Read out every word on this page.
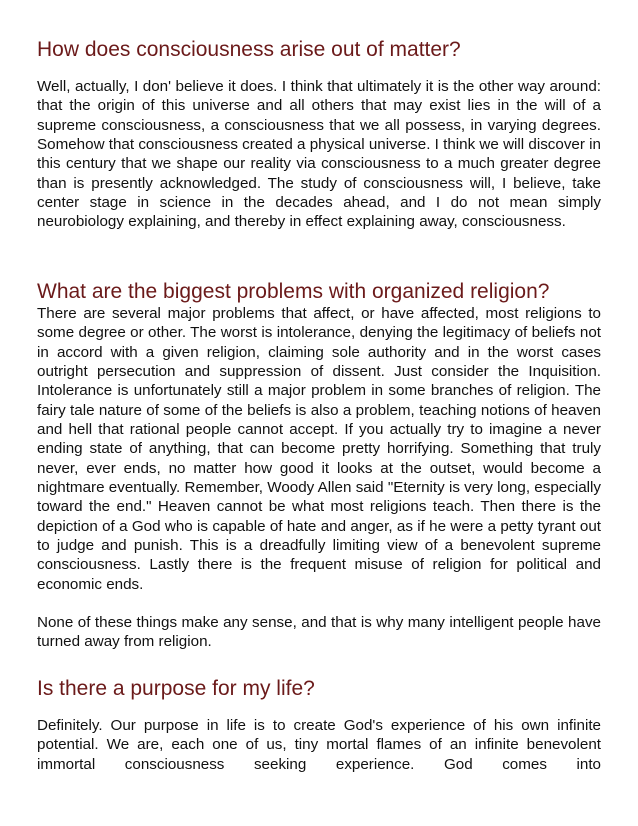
How does consciousness arise out of matter?

Well, actually, I don' believe it does. I think that ultimately it is the other way around: that the origin of this universe and all others that may exist lies in the will of a supreme consciousness, a consciousness that we all possess, in varying degrees. Somehow that consciousness created a physical universe. I think we will discover in this century that we shape our reality via consciousness to a much greater degree than is presently acknowledged. The study of consciousness will, I believe, take center stage in science in the decades ahead, and I do not mean simply neurobiology explaining, and thereby in effect explaining away, consciousness.

What are the biggest problems with organized religion?

There are several major problems that affect, or have affected, most religions to some degree or other. The worst is intolerance, denying the legitimacy of beliefs not in accord with a given religion, claiming sole authority and in the worst cases outright persecution and suppression of dissent. Just consider the Inquisition. Intolerance is unfortunately still a major problem in some branches of religion. The fairy tale nature of some of the beliefs is also a problem, teaching notions of heaven and hell that rational people cannot accept. If you actually try to imagine a never ending state of anything, that can become pretty horrifying. Something that truly never, ever ends, no matter how good it looks at the outset, would become a nightmare eventually. Remember, Woody Allen said "Eternity is very long, especially toward the end." Heaven cannot be what most religions teach. Then there is the depiction of a God who is capable of hate and anger, as if he were a petty tyrant out to judge and punish. This is a dreadfully limiting view of a benevolent supreme consciousness. Lastly there is the frequent misuse of religion for political and economic ends.

None of these things make any sense, and that is why many intelligent people have turned away from religion.

Is there a purpose for my life?

Definitely. Our purpose in life is to create God's experience of his own infinite potential. We are, each one of us, tiny mortal flames of an infinite benevolent immortal consciousness seeking experience. God comes into
